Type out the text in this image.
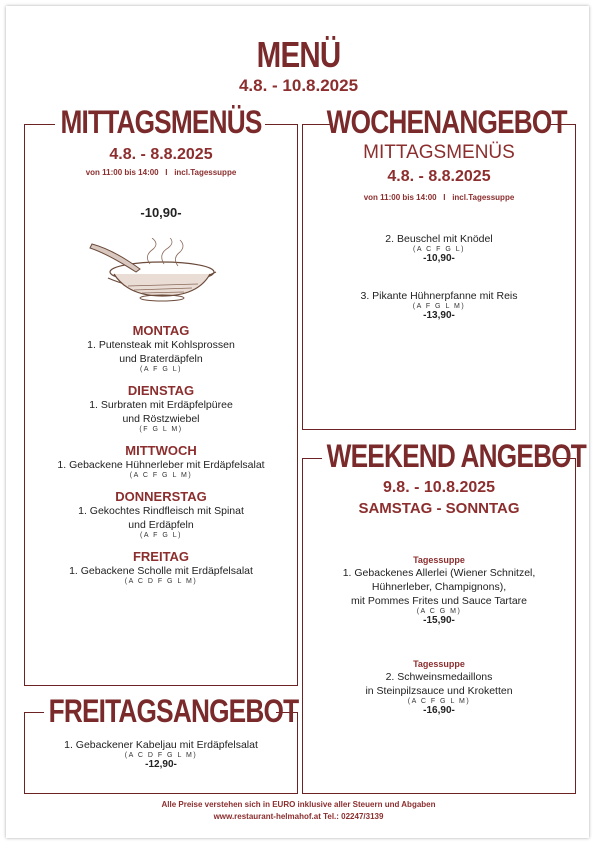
MENÜ
4.8. - 10.8.2025
MITTAGSMENÜS
4.8. - 8.8.2025
von 11:00 bis 14:00   I   incl.Tagessuppe
-10,90-
MONTAG
1. Putensteak mit Kohlsprossen
und Braterdäpfeln
(A F G L)
DIENSTAG
1. Surbraten mit Erdäpfelpüree
und Röstzwiebel
(F G L M)
MITTWOCH
1. Gebackene Hühnerleber mit Erdäpfelsalat
(A C F G L M)
DONNERSTAG
1. Gekochtes Rindfleisch mit Spinat
und Erdäpfeln
(A F G L)
FREITAG
1. Gebackene Scholle mit Erdäpfelsalat
(A C D F G L M)
WOCHENANGEBOT
MITTAGSMENÜS
4.8. - 8.8.2025
von 11:00 bis 14:00   I   incl.Tagessuppe
2. Beuschel mit Knödel
(A C F G L)
-10,90-
3. Pikante Hühnerpfanne mit Reis
(A F G L M)
-13,90-
WEEKEND ANGEBOT
9.8. - 10.8.2025
SAMSTAG - SONNTAG
Tagessuppe
1. Gebackenes Allerlei (Wiener Schnitzel,
Hühnerleber, Champignons),
mit Pommes Frites und Sauce Tartare
(A C G M)
-15,90-
Tagessuppe
2. Schweinsmedaillons
in Steinpilzsauce und Kroketten
(A C F G L M)
-16,90-
FREITAGSANGEBOT
1. Gebackener Kabeljau mit Erdäpfelsalat
(A C D F G L M)
-12,90-
Alle Preise verstehen sich in EURO inklusive aller Steuern und Abgaben
www.restaurant-helmahof.at Tel.: 02247/3139
